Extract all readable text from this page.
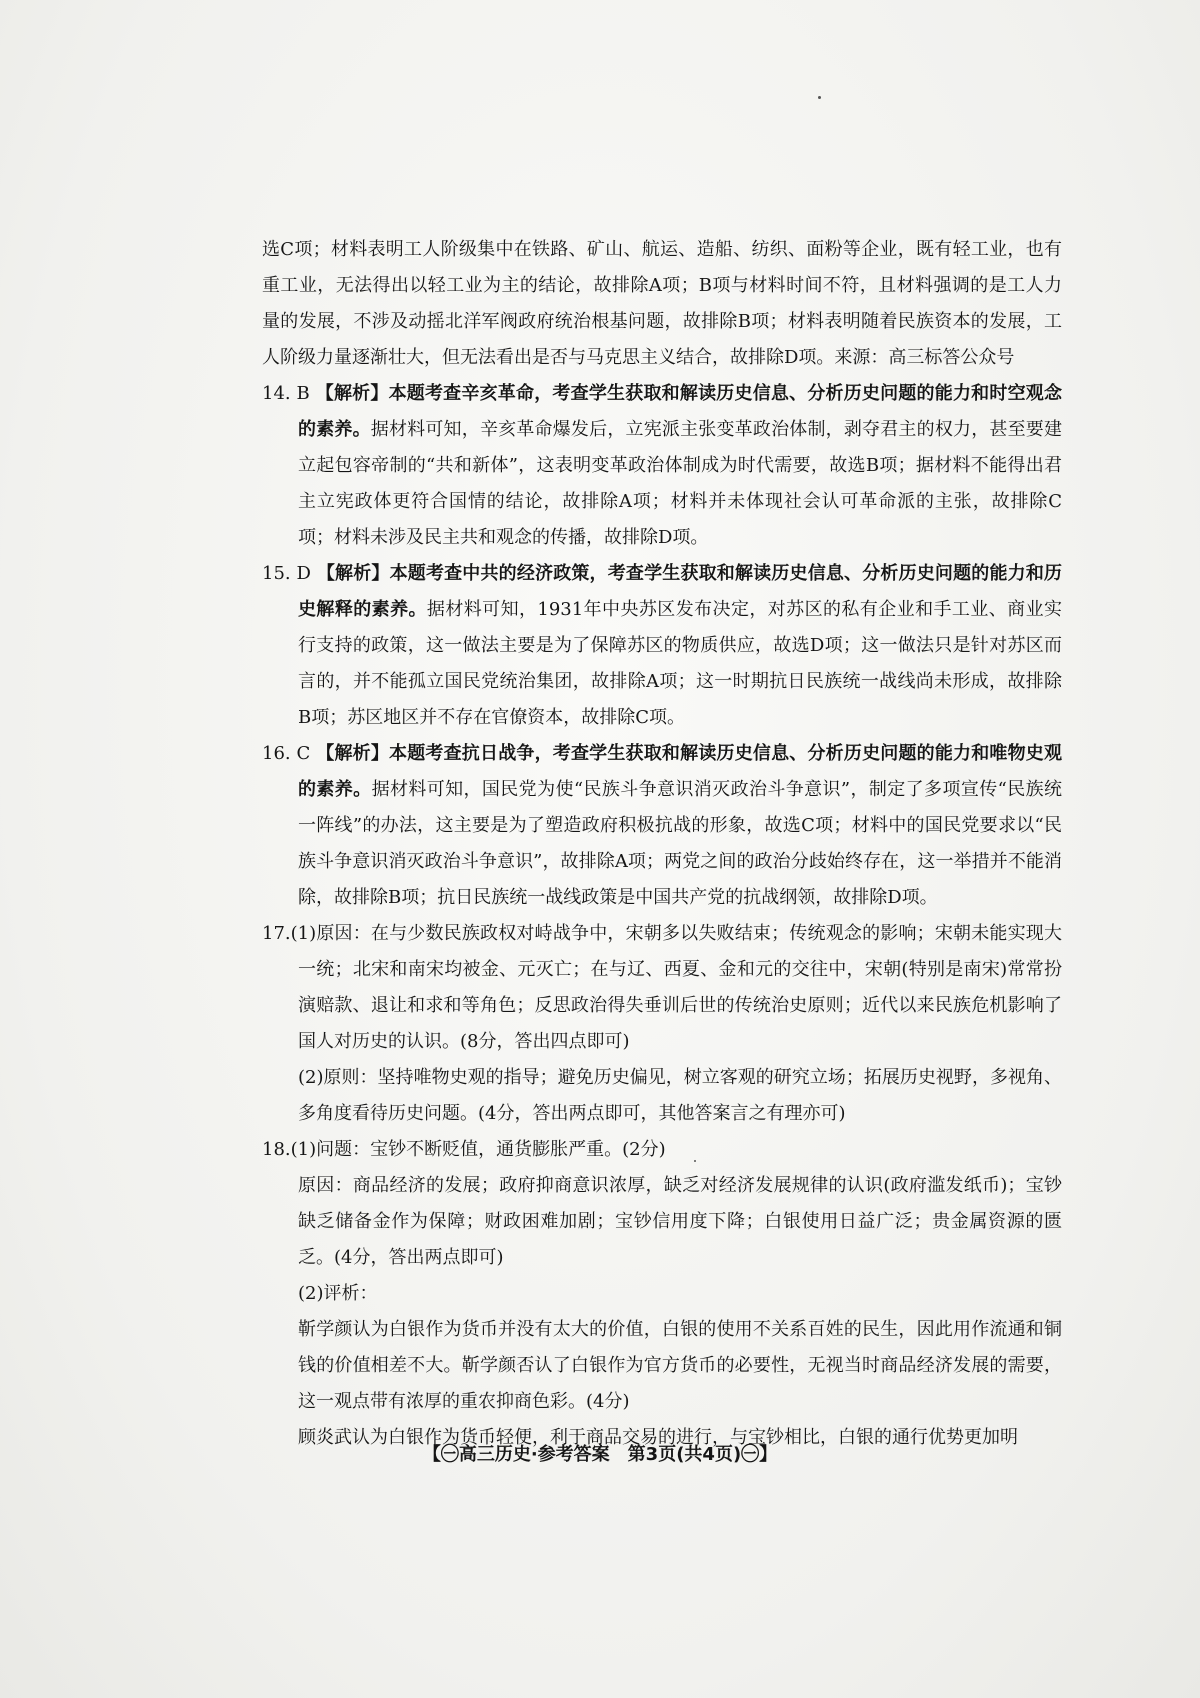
选C项；材料表明工人阶级集中在铁路、矿山、航运、造船、纺织、面粉等企业，既有轻工业，也有重工业，无法得出以轻工业为主的结论，故排除A项；B项与材料时间不符，且材料强调的是工人力量的发展，不涉及动摇北洋军阀政府统治根基问题，故排除B项；材料表明随着民族资本的发展，工人阶级力量逐渐壮大，但无法看出是否与马克思主义结合，故排除D项。来源：高三标答公众号

14. B 【解析】本题考查辛亥革命，考查学生获取和解读历史信息、分析历史问题的能力和时空观念的素养。据材料可知，辛亥革命爆发后，立宪派主张变革政治体制，剥夺君主的权力，甚至要建立起包容帝制的“共和新体”，这表明变革政治体制成为时代需要，故选B项；据材料不能得出君主立宪政体更符合国情的结论，故排除A项；材料并未体现社会认可革命派的主张，故排除C项；材料未涉及民主共和观念的传播，故排除D项。

15. D 【解析】本题考查中共的经济政策，考查学生获取和解读历史信息、分析历史问题的能力和历史解释的素养。据材料可知，1931年中央苏区发布决定，对苏区的私有企业和手工业、商业实行支持的政策，这一做法主要是为了保障苏区的物质供应，故选D项；这一做法只是针对苏区而言的，并不能孤立国民党统治集团，故排除A项；这一时期抗日民族统一战线尚未形成，故排除B项；苏区地区并不存在官僚资本，故排除C项。

16. C 【解析】本题考查抗日战争，考查学生获取和解读历史信息、分析历史问题的能力和唯物史观的素养。据材料可知，国民党为使“民族斗争意识消灭政治斗争意识”，制定了多项宣传“民族统一阵线”的办法，这主要是为了塑造政府积极抗战的形象，故选C项；材料中的国民党要求以“民族斗争意识消灭政治斗争意识”，故排除A项；两党之间的政治分歧始终存在，这一举措并不能消除，故排除B项；抗日民族统一战线政策是中国共产党的抗战纲领，故排除D项。

17.(1)原因：在与少数民族政权对峙战争中，宋朝多以失败结束；传统观念的影响；宋朝未能实现大一统；北宋和南宋均被金、元灭亡；在与辽、西夏、金和元的交往中，宋朝(特别是南宋)常常扮演赔款、退让和求和等角色；反思政治得失垂训后世的传统治史原则；近代以来民族危机影响了国人对历史的认识。(8分，答出四点即可)

(2)原则：坚持唯物史观的指导；避免历史偏见，树立客观的研究立场；拓展历史视野，多视角、多角度看待历史问题。(4分，答出两点即可，其他答案言之有理亦可)

18.(1)问题：宝钞不断贬值，通货膨胀严重。(2分)

原因：商品经济的发展；政府抑商意识浓厚，缺乏对经济发展规律的认识(政府滥发纸币)；宝钞缺乏储备金作为保障；财政困难加剧；宝钞信用度下降；白银使用日益广泛；贵金属资源的匮乏。(4分，答出两点即可)

(2)评析：

靳学颜认为白银作为货币并没有太大的价值，白银的使用不关系百姓的民生，因此用作流通和铜钱的价值相差不大。靳学颜否认了白银作为官方货币的必要性，无视当时商品经济发展的需要，这一观点带有浓厚的重农抑商色彩。(4分)

顾炎武认为白银作为货币轻便，利于商品交易的进行，与宝钞相比，白银的通行优势更加明

【㊀高三历史·参考答案　第3页(共4页)㊀】
